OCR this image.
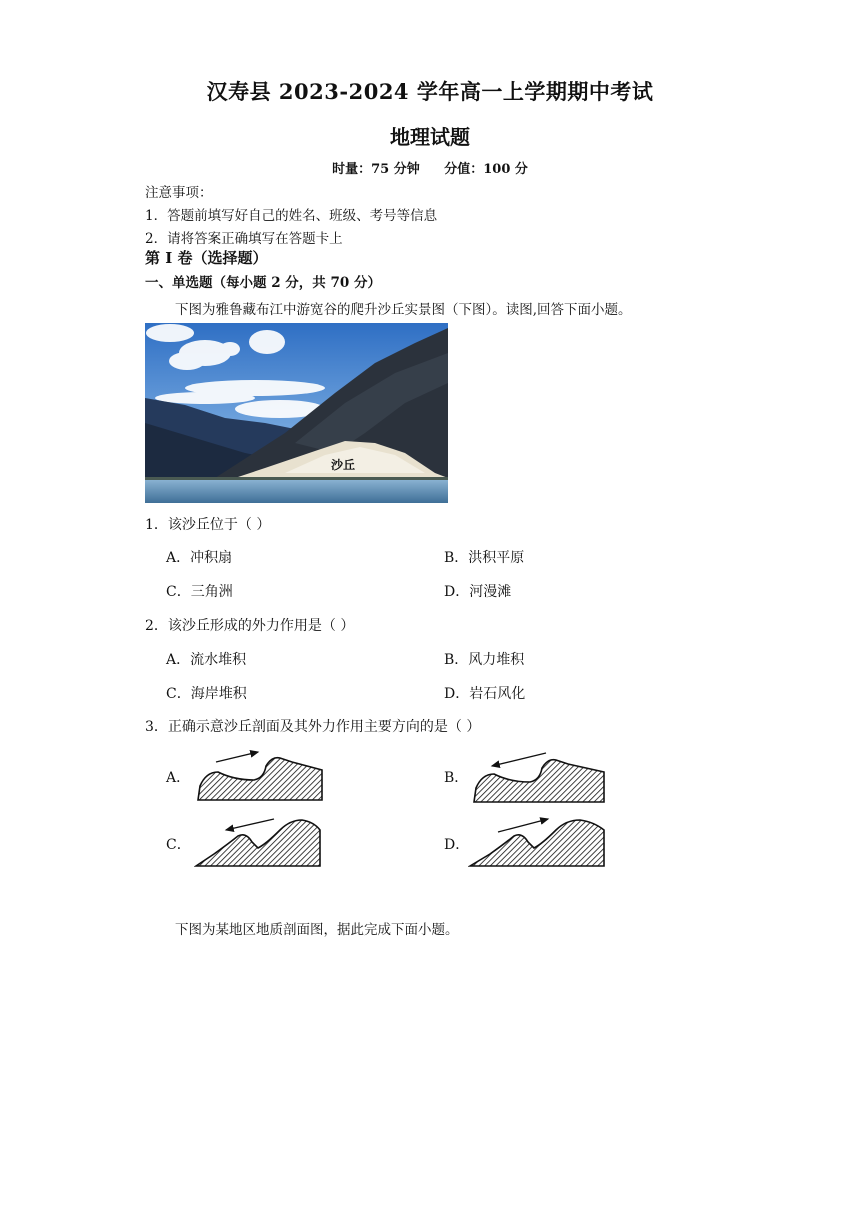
汉寿县 2023-2024 学年高一上学期期中考试
地理试题
时量：75 分钟 分值：100 分
注意事项：
1．答题前填写好自己的姓名、班级、考号等信息
2．请将答案正确填写在答题卡上
第 I 卷（选择题）
一、单选题（每小题 2 分，共 70 分）
下图为雅鲁藏布江中游宽谷的爬升沙丘实景图（下图）。读图,回答下面小题。
沙丘
1．该沙丘位于（ ）
A．冲积扇	B．洪积平原
C．三角洲	D．河漫滩
2．该沙丘形成的外力作用是（ ）
A．流水堆积	B．风力堆积
C．海岸堆积	D．岩石风化
3．正确示意沙丘剖面及其外力作用主要方向的是（ ）
A．	B．
C．	D．
下图为某地区地质剖面图，据此完成下面小题。
